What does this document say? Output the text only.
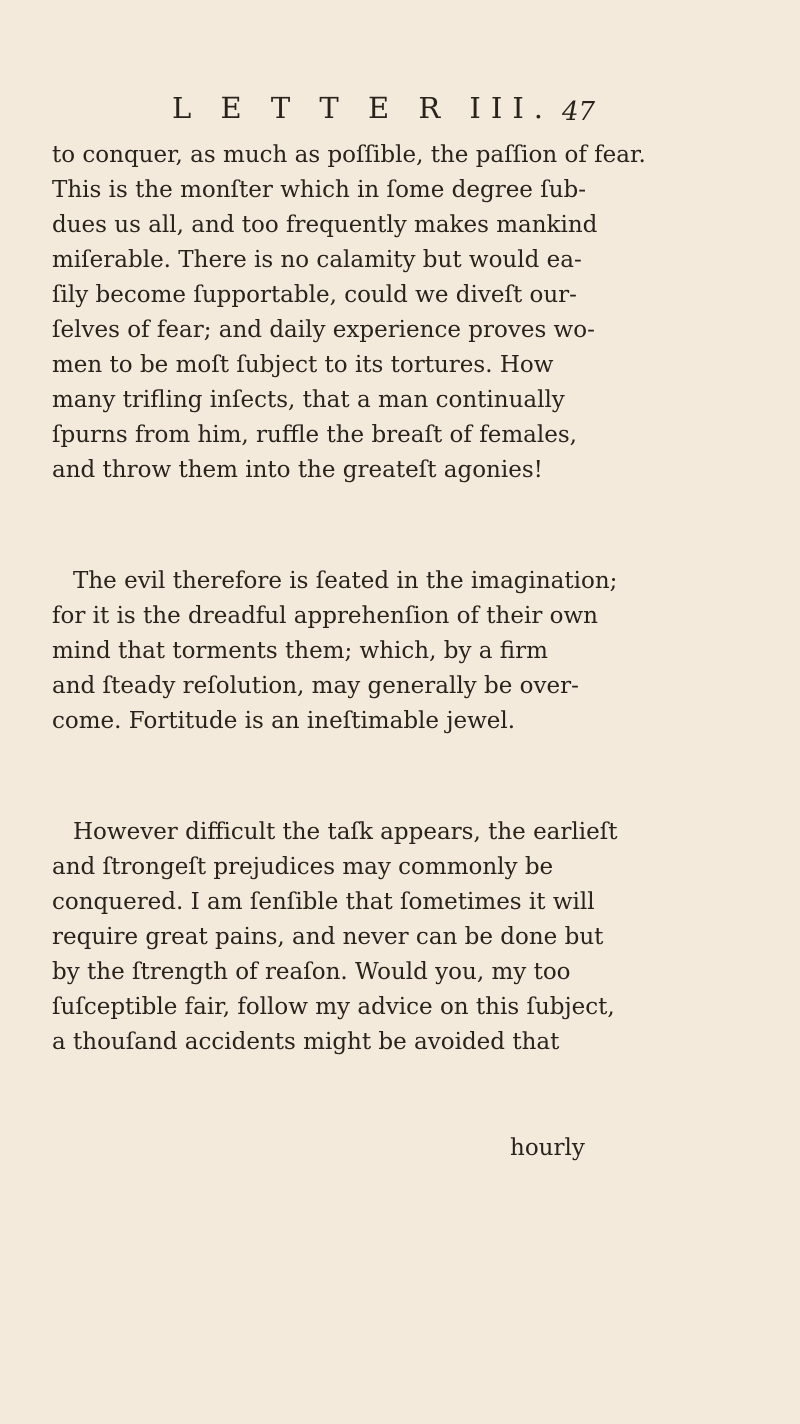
L E T T E R III. 47
to conquer, as much as poſſible, the paſſion of fear.
This is the monſter which in ſome degree ſub-
dues us all, and too frequently makes mankind
miſerable. There is no calamity but would ea-
ſily become ſupportable, could we diveſt our-
ſelves of fear; and daily experience proves wo-
men to be moſt ſubject to its tortures. How
many trifling inſects, that a man continually
ſpurns from him, ruffle the breaſt of females,
and throw them into the greateſt agonies!
The evil therefore is ſeated in the imagination;
for it is the dreadful apprehenſion of their own
mind that torments them; which, by a firm
and ſteady reſolution, may generally be over-
come. Fortitude is an ineſtimable jewel.
However difficult the taſk appears, the earlieſt
and ſtrongeſt prejudices may commonly be
conquered. I am ſenſible that ſometimes it will
require great pains, and never can be done but
by the ſtrength of reaſon. Would you, my too
ſuſceptible fair, follow my advice on this ſubject,
a thouſand accidents might be avoided that
hourly
